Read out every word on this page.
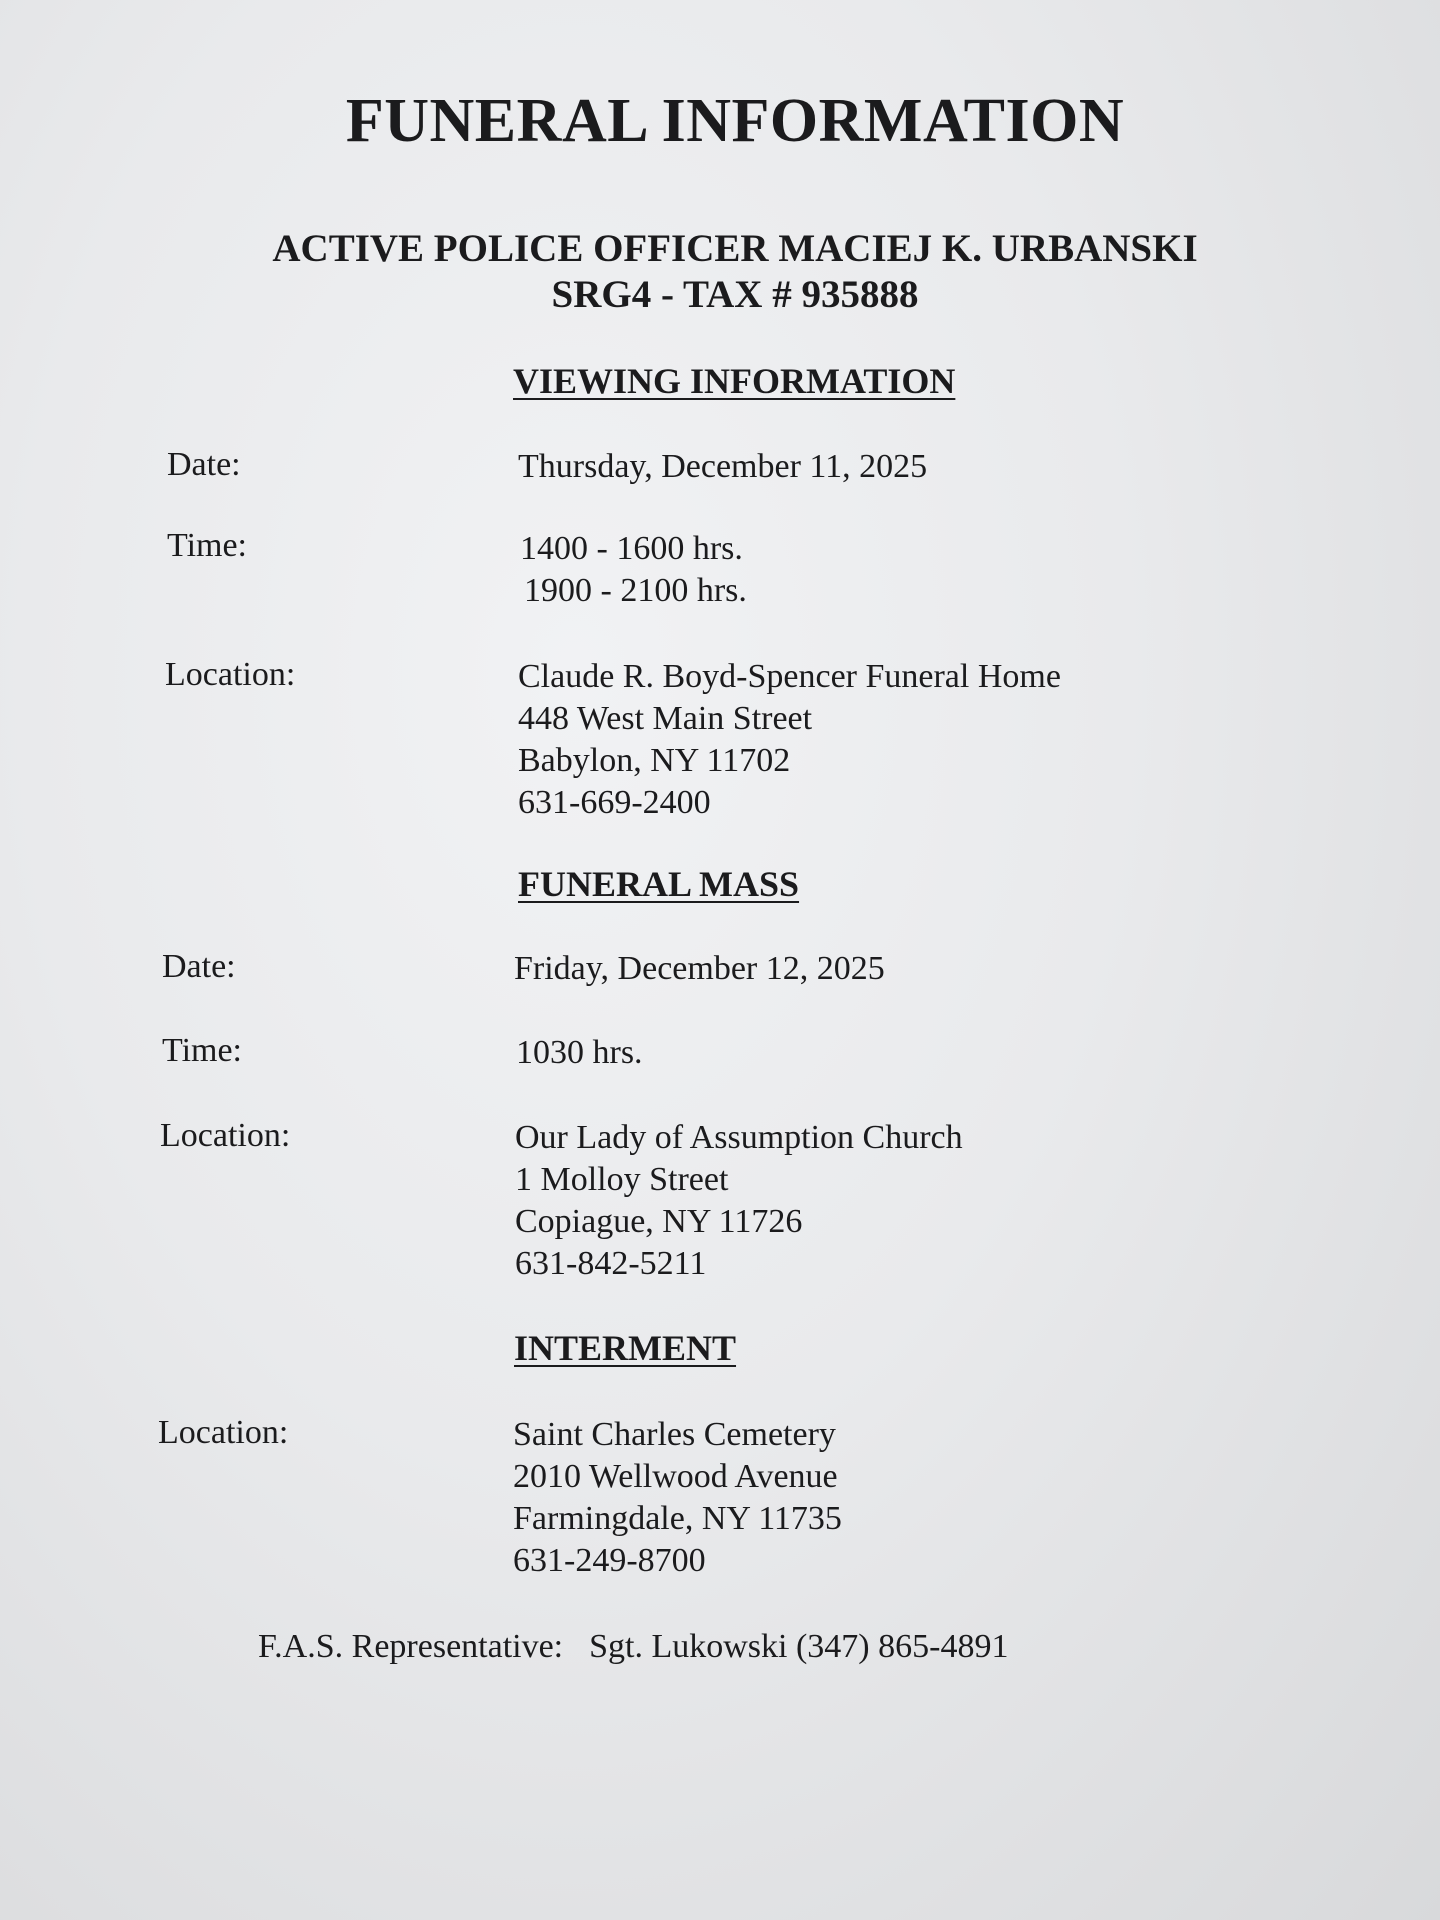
FUNERAL INFORMATION
ACTIVE POLICE OFFICER MACIEJ K. URBANSKI
SRG4 - TAX # 935888
VIEWING INFORMATION
Date:	Thursday, December 11, 2025
Time:	1400 - 1600 hrs.
1900 - 2100 hrs.
Location:	Claude R. Boyd-Spencer Funeral Home
448 West Main Street
Babylon, NY 11702
631-669-2400
FUNERAL MASS
Date:	Friday, December 12, 2025
Time:	1030 hrs.
Location:	Our Lady of Assumption Church
1 Molloy Street
Copiague, NY 11726
631-842-5211
INTERMENT
Location:	Saint Charles Cemetery
2010 Wellwood Avenue
Farmingdale, NY 11735
631-249-8700
F.A.S. Representative: Sgt. Lukowski (347) 865-4891
